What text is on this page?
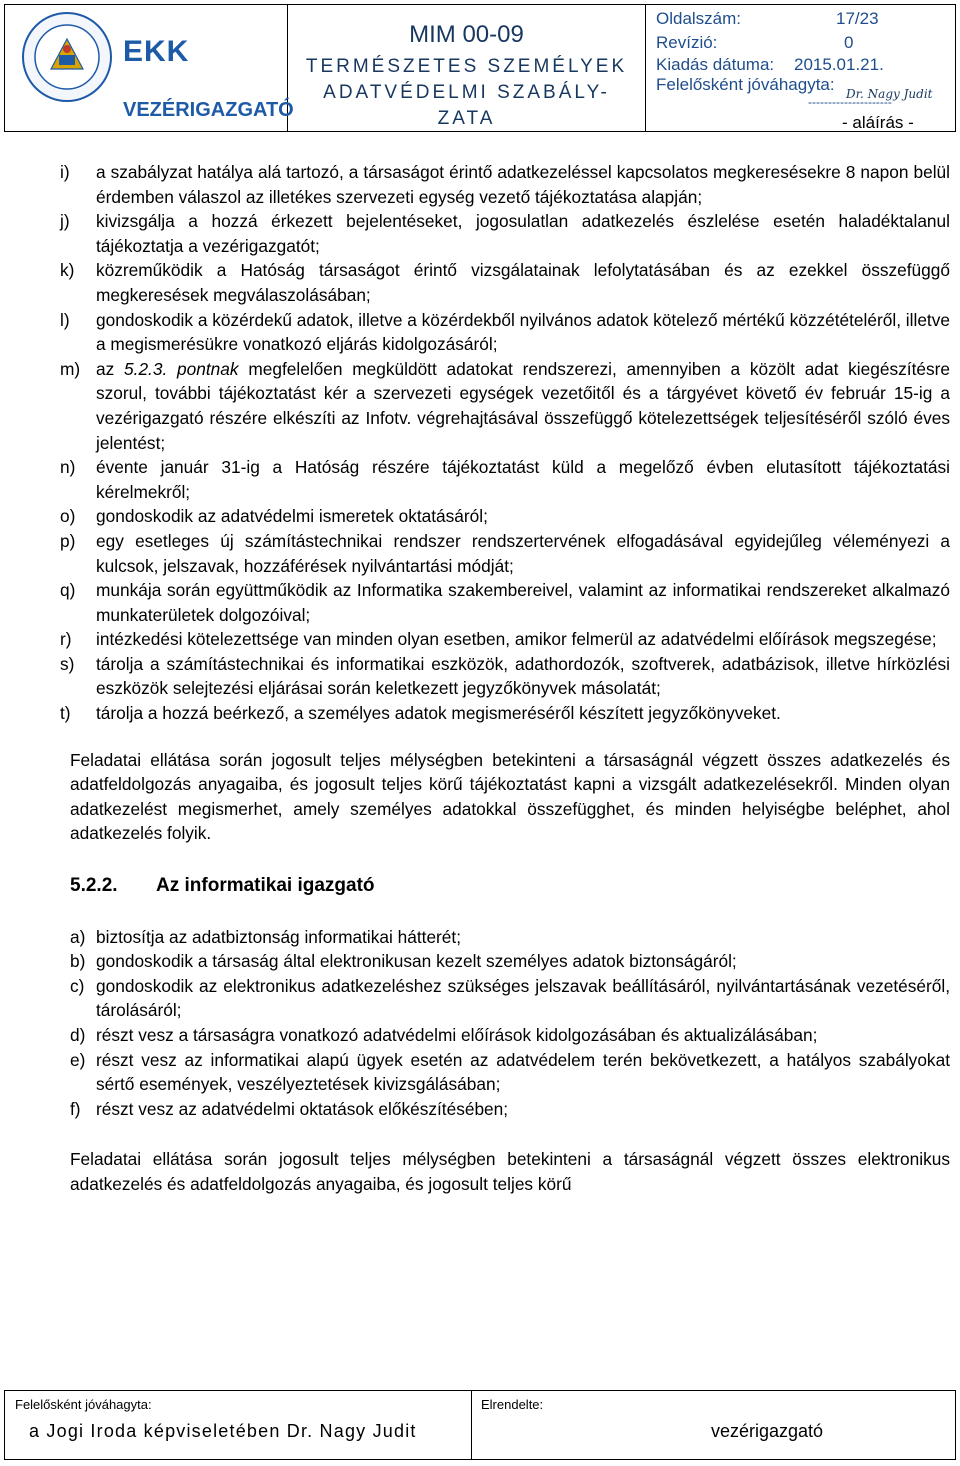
EKK
VEZÉRIGAZGATÓ
MIM 00-09
TERMÉSZETES SZEMÉLYEK
ADATVÉDELMI SZABÁLY-
ZATA
Oldalszám:	17/23
Revízió:	0
Kiadás dátuma: 2015.01.21.
Felelősként jóváhagyta:
---------------------
Dr. Nagy Judit
- aláírás -
i)	a szabályzat hatálya alá tartozó, a társaságot érintő adatkezeléssel kapcsolatos megkeresésekre 8 napon belül érdemben válaszol az illetékes szervezeti egység vezető tájékoztatása alapján;
j)	kivizsgálja a hozzá érkezett bejelentéseket, jogosulatlan adatkezelés észlelése esetén haladéktalanul tájékoztatja a vezérigazgatót;
k)	közreműködik a Hatóság társaságot érintő vizsgálatainak lefolytatásában és az ezekkel összefüggő megkeresések megválaszolásában;
l)	gondoskodik a közérdekű adatok, illetve a közérdekből nyilvános adatok kötelező mértékű közzétételéről, illetve a megismerésükre vonatkozó eljárás kidolgozásáról;
m) az 5.2.3. pontnak megfelelően megküldött adatokat rendszerezi, amennyiben a közölt adat kiegészítésre szorul, további tájékoztatást kér a szervezeti egységek vezetőitől és a tárgyévet követő év február 15-ig a vezérigazgató részére elkészíti az Infotv. végrehajtásával összefüggő kötelezettségek teljesítéséről szóló éves jelentést;
n)	évente január 31-ig a Hatóság részére tájékoztatást küld a megelőző évben elutasított tájékoztatási kérelmekről;
o)	gondoskodik az adatvédelmi ismeretek oktatásáról;
p)	egy esetleges új számítástechnikai rendszer rendszertervének elfogadásával egyidejűleg véleményezi a kulcsok, jelszavak, hozzáférések nyilvántartási módját;
q)	munkája során együttműködik az Informatika szakembereivel, valamint az informatikai rendszereket alkalmazó munkaterületek dolgozóival;
r)	intézkedési kötelezettsége van minden olyan esetben, amikor felmerül az adatvédelmi előírások megszegése;
s)	tárolja a számítástechnikai és informatikai eszközök, adathordozók, szoftverek, adatbázisok, illetve hírközlési eszközök selejtezési eljárásai során keletkezett jegyzőkönyvek másolatát;
t)	tárolja a hozzá beérkező, a személyes adatok megismeréséről készített jegyzőkönyveket.
Feladatai ellátása során jogosult teljes mélységben betekinteni a társaságnál végzett összes adatkezelés és adatfeldolgozás anyagaiba, és jogosult teljes körű tájékoztatást kapni a vizsgált adatkezelésekről. Minden olyan adatkezelést megismerhet, amely személyes adatokkal összefügghet, és minden helyiségbe beléphet, ahol adatkezelés folyik.
5.2.2. Az informatikai igazgató
a) biztosítja az adatbiztonság informatikai hátterét;
b) gondoskodik a társaság által elektronikusan kezelt személyes adatok biztonságáról;
c) gondoskodik az elektronikus adatkezeléshez szükséges jelszavak beállításáról, nyilvántartásának vezetéséről, tárolásáról;
d) részt vesz a társaságra vonatkozó adatvédelmi előírások kidolgozásában és aktualizálásában;
e) részt vesz az informatikai alapú ügyek esetén az adatvédelem terén bekövetkezett, a hatályos szabályokat sértő események, veszélyeztetések kivizsgálásában;
f) részt vesz az adatvédelmi oktatások előkészítésében;
Feladatai ellátása során jogosult teljes mélységben betekinteni a társaságnál végzett összes elektronikus adatkezelés és adatfeldolgozás anyagaiba, és jogosult teljes körű
Felelősként jóváhagyta:
a Jogi Iroda képviseletében Dr. Nagy Judit
Elrendelte:
vezérigazgató
